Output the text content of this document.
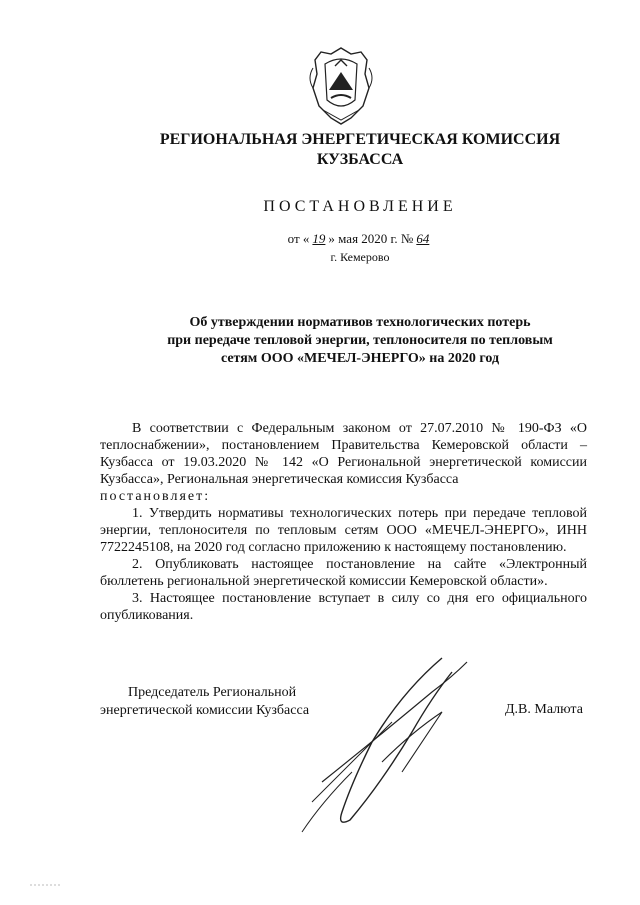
РЕГИОНАЛЬНАЯ ЭНЕРГЕТИЧЕСКАЯ КОМИССИЯ
КУЗБАССА
ПОСТАНОВЛЕНИЕ
от « 19 » мая 2020 г. № 64
г. Кемерово
Об утверждении нормативов технологических потерь
при передаче тепловой энергии, теплоносителя по тепловым
сетям ООО «МЕЧЕЛ-ЭНЕРГО» на 2020 год

В соответствии с Федеральным законом от 27.07.2010 № 190-ФЗ «О теплоснабжении», постановлением Правительства Кемеровской области – Кузбасса от 19.03.2020 № 142 «О Региональной энергетической комиссии Кузбасса», Региональная энергетическая комиссия Кузбасса

постановляет:

1. Утвердить нормативы технологических потерь при передаче тепловой энергии, теплоносителя по тепловым сетям ООО «МЕЧЕЛ-ЭНЕРГО», ИНН 7722245108, на 2020 год согласно приложению к настоящему постановлению.

2. Опубликовать настоящее постановление на сайте «Электронный бюллетень региональной энергетической комиссии Кемеровской области».

3. Настоящее постановление вступает в силу со дня его официального опубликования.

Председатель Региональной
энергетической комиссии Кузбасса	Д.В. Малюта
